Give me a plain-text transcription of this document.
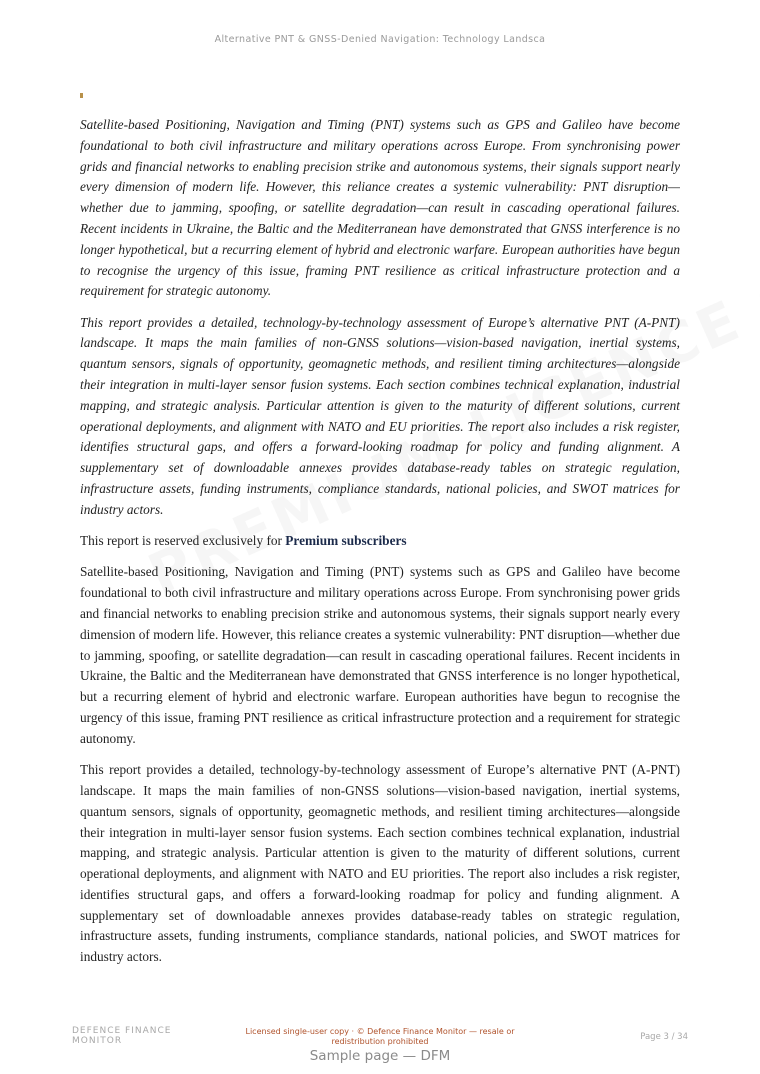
Alternative PNT & GNSS-Denied Navigation: Technology Landsca

Satellite-based Positioning, Navigation and Timing (PNT) systems such as GPS and Galileo have become foundational to both civil infrastructure and military operations across Europe. From synchronising power grids and financial networks to enabling precision strike and autonomous systems, their signals support nearly every dimension of modern life. However, this reliance creates a systemic vulnerability: PNT disruption—whether due to jamming, spoofing, or satellite degradation—can result in cascading operational failures. Recent incidents in Ukraine, the Baltic and the Mediterranean have demonstrated that GNSS interference is no longer hypothetical, but a recurring element of hybrid and electronic warfare. European authorities have begun to recognise the urgency of this issue, framing PNT resilience as critical infrastructure protection and a requirement for strategic autonomy.

This report provides a detailed, technology-by-technology assessment of Europe’s alternative PNT (A-PNT) landscape. It maps the main families of non-GNSS solutions—vision-based navigation, inertial systems, quantum sensors, signals of opportunity, geomagnetic methods, and resilient timing architectures—alongside their integration in multi-layer sensor fusion systems. Each section combines technical explanation, industrial mapping, and strategic analysis. Particular attention is given to the maturity of different solutions, current operational deployments, and alignment with NATO and EU priorities. The report also includes a risk register, identifies structural gaps, and offers a forward-looking roadmap for policy and funding alignment. A supplementary set of downloadable annexes provides database-ready tables on strategic regulation, infrastructure assets, funding instruments, compliance standards, national policies, and SWOT matrices for industry actors.

This report is reserved exclusively for Premium subscribers

Satellite-based Positioning, Navigation and Timing (PNT) systems such as GPS and Galileo have become foundational to both civil infrastructure and military operations across Europe. From synchronising power grids and financial networks to enabling precision strike and autonomous systems, their signals support nearly every dimension of modern life. However, this reliance creates a systemic vulnerability: PNT disruption—whether due to jamming, spoofing, or satellite degradation—can result in cascading operational failures. Recent incidents in Ukraine, the Baltic and the Mediterranean have demonstrated that GNSS interference is no longer hypothetical, but a recurring element of hybrid and electronic warfare. European authorities have begun to recognise the urgency of this issue, framing PNT resilience as critical infrastructure protection and a requirement for strategic autonomy.

This report provides a detailed, technology-by-technology assessment of Europe’s alternative PNT (A-PNT) landscape. It maps the main families of non-GNSS solutions—vision-based navigation, inertial systems, quantum sensors, signals of opportunity, geomagnetic methods, and resilient timing architectures—alongside their integration in multi-layer sensor fusion systems. Each section combines technical explanation, industrial mapping, and strategic analysis. Particular attention is given to the maturity of different solutions, current operational deployments, and alignment with NATO and EU priorities. The report also includes a risk register, identifies structural gaps, and offers a forward-looking roadmap for policy and funding alignment. A supplementary set of downloadable annexes provides database-ready tables on strategic regulation, infrastructure assets, funding instruments, compliance standards, national policies, and SWOT matrices for industry actors.

DEFENCE FINANCE
MONITOR
Licensed single-user copy · © Defence Finance Monitor — resale or redistribution prohibited	Page 3 / 34
Sample page — DFM
